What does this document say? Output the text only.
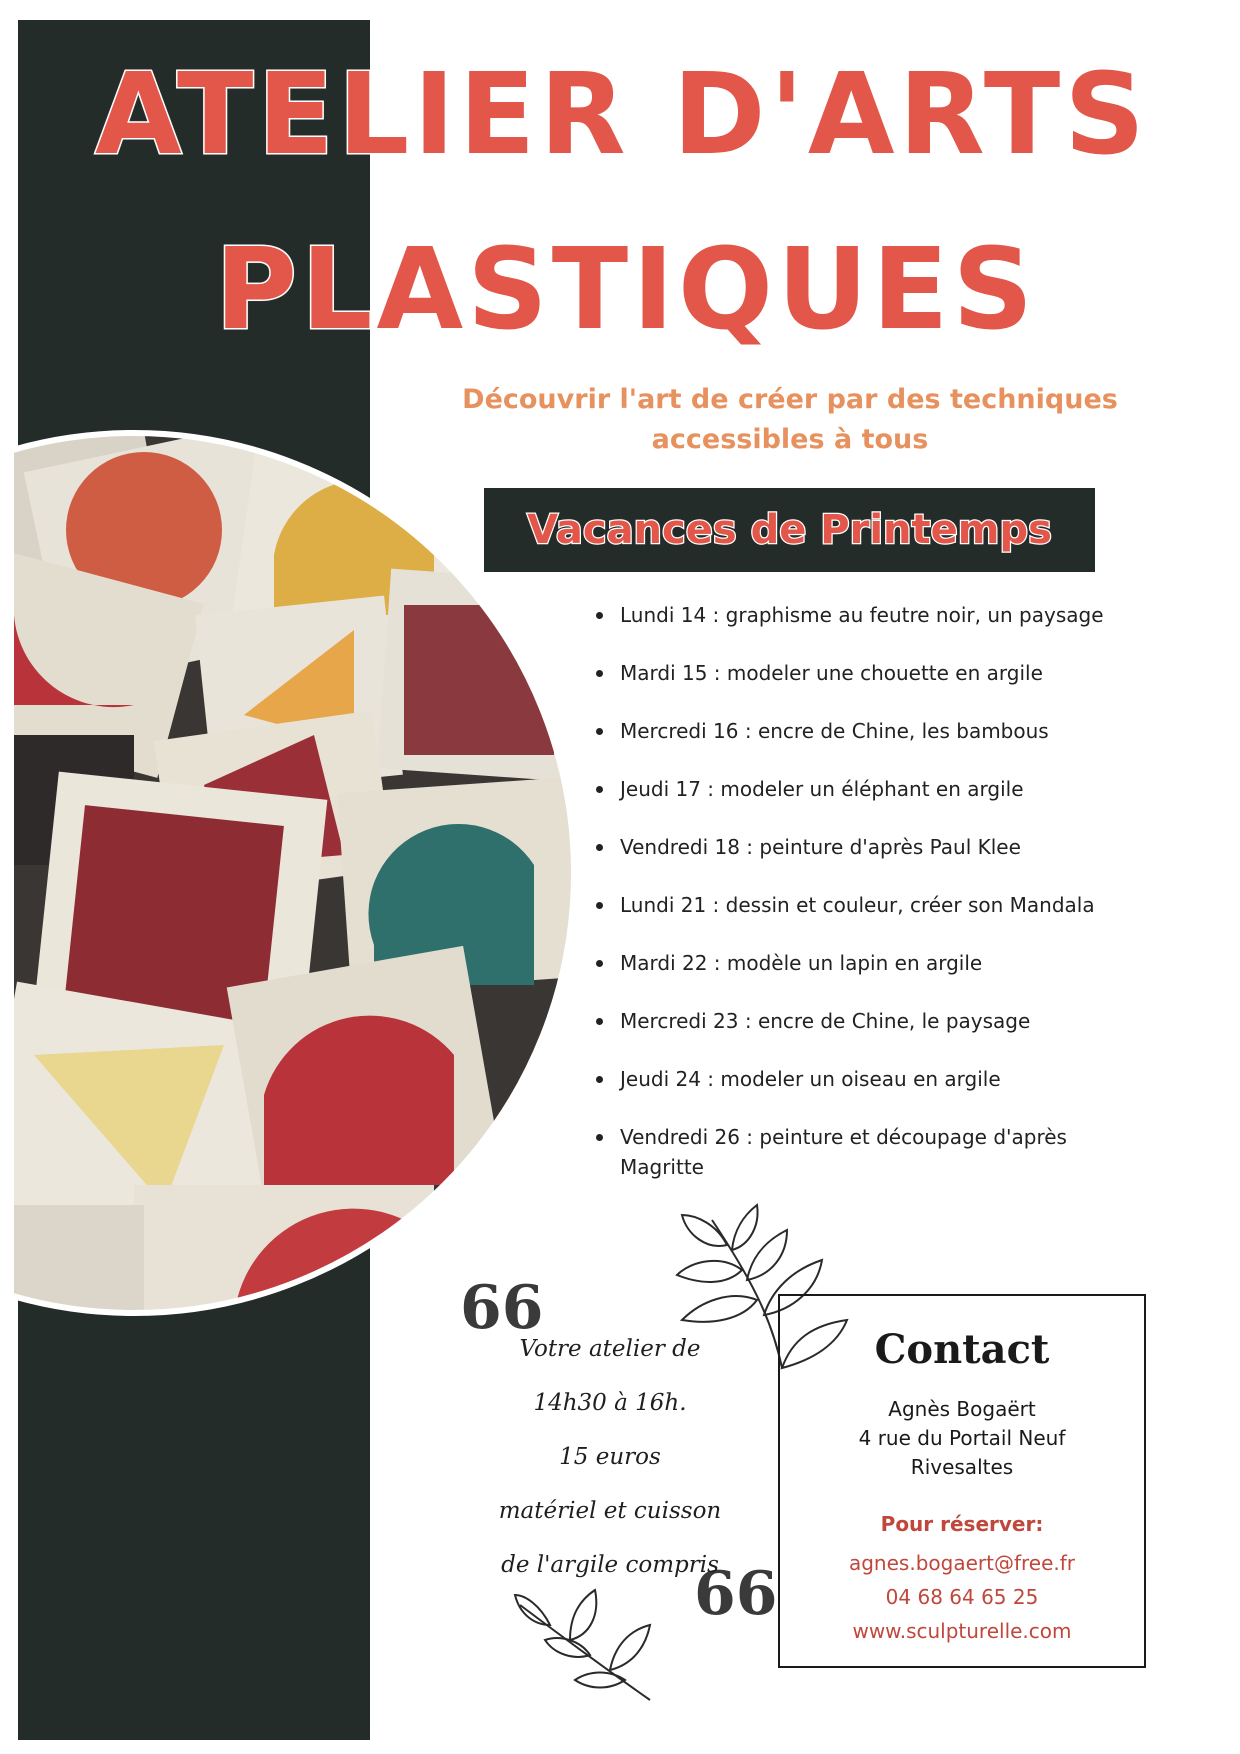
ATELIER D'ARTS
PLASTIQUES
Découvrir l'art de créer par des techniques
accessibles à tous
Vacances de Printemps
Lundi 14 : graphisme au feutre noir, un paysage
Mardi 15 : modeler une chouette en argile
Mercredi 16 : encre de Chine, les bambous
Jeudi 17 : modeler un éléphant en argile
Vendredi 18 : peinture d'après Paul Klee
Lundi 21 : dessin et couleur, créer son Mandala
Mardi 22 : modèle un lapin en argile
Mercredi 23 : encre de Chine, le paysage
Jeudi 24 : modeler un oiseau en argile
Vendredi 26 : peinture et découpage d'après Magritte
66
66
Votre atelier de
14h30 à 16h.
15 euros
matériel et cuisson
de l'argile compris
Contact
Agnès Bogaërt
4 rue du Portail Neuf
Rivesaltes
Pour réserver:
agnes.bogaert@free.fr
04 68 64 65 25
www.sculpturelle.com
